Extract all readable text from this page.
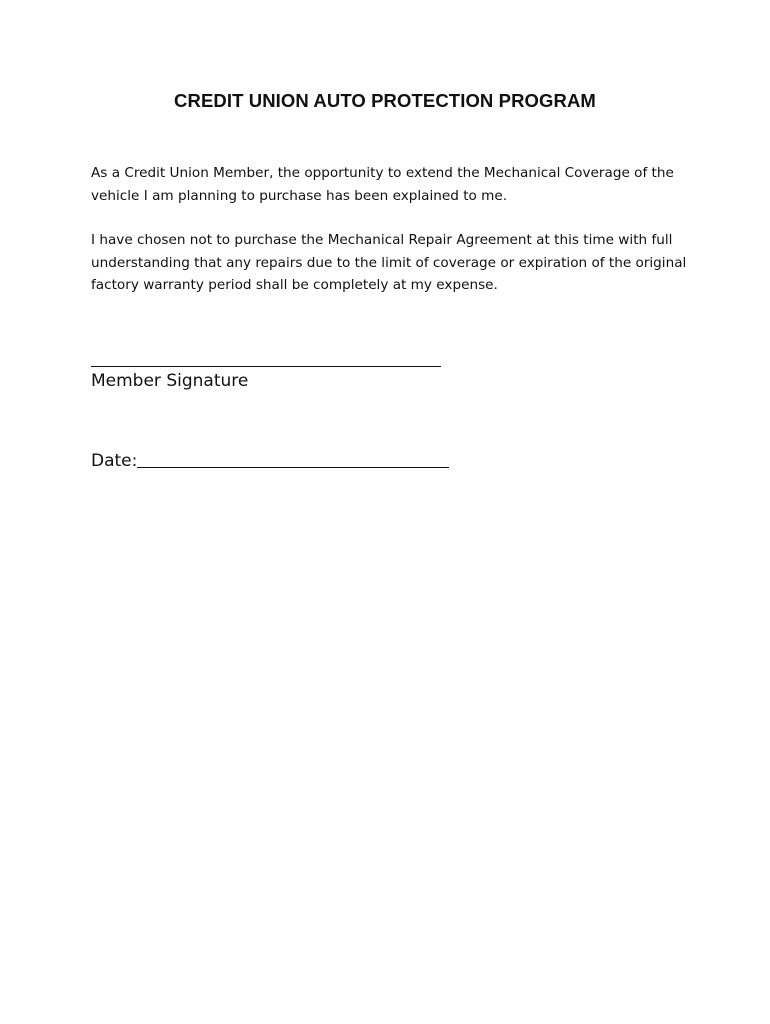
CREDIT UNION AUTO PROTECTION PROGRAM

As a Credit Union Member, the opportunity to extend the Mechanical Coverage of the vehicle I am planning to purchase has been explained to me.

I have chosen not to purchase the Mechanical Repair Agreement at this time with full understanding that any repairs due to the limit of coverage or expiration of the original factory warranty period shall be completely at my expense.

Member Signature

Date:
